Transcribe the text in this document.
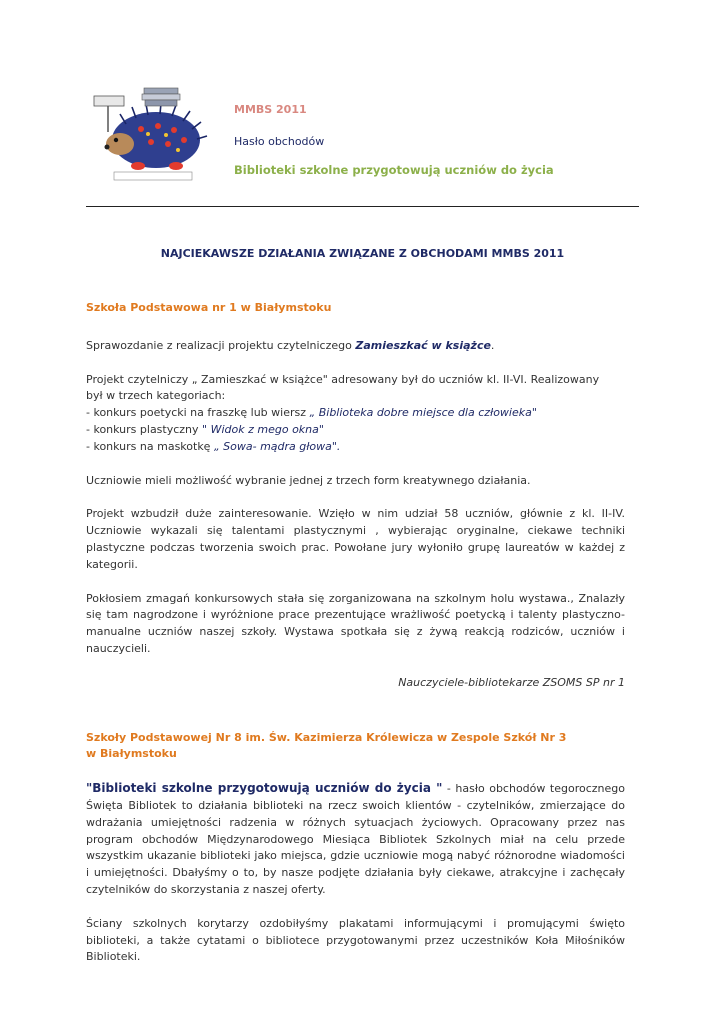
MMBS 2011

Hasło obchodów

Biblioteki szkolne przygotowują uczniów do życia

NAJCIEKAWSZE DZIAŁANIA ZWIĄZANE Z OBCHODAMI MMBS 2011

Szkoła Podstawowa nr 1 w Białymstoku

Sprawozdanie z realizacji projektu czytelniczego Zamieszkać w książce.

Projekt czytelniczy „ Zamieszkać w książce" adresowany był do uczniów kl. II-VI. Realizowany
był w trzech kategoriach:
- konkurs poetycki na fraszkę lub wiersz „ Biblioteka dobre miejsce dla człowieka"
- konkurs plastyczny " Widok z mego okna"
- konkurs na maskotkę „ Sowa- mądra głowa".

Uczniowie mieli możliwość wybranie jednej z trzech form kreatywnego działania.

Projekt wzbudził duże zainteresowanie. Wzięło w nim udział 58 uczniów, głównie z kl. II-IV. Uczniowie wykazali się talentami plastycznymi , wybierając oryginalne, ciekawe techniki plastyczne podczas tworzenia swoich prac. Powołane jury wyłoniło grupę laureatów w każdej z kategorii.

Pokłosiem zmagań konkursowych stała się zorganizowana na szkolnym holu wystawa., Znalazły się tam nagrodzone i wyróżnione prace prezentujące wrażliwość poetycką i talenty plastyczno-manualne uczniów naszej szkoły. Wystawa spotkała się z żywą reakcją rodziców, uczniów i nauczycieli.

Nauczyciele-bibliotekarze ZSOMS SP nr 1

Szkoły Podstawowej Nr 8 im. Św. Kazimierza Królewicza w Zespole Szkół Nr 3
w Białymstoku

"Biblioteki szkolne przygotowują uczniów do życia " - hasło obchodów tegorocznego Święta Bibliotek to działania biblioteki na rzecz swoich klientów - czytelników, zmierzające do wdrażania umiejętności radzenia w różnych sytuacjach życiowych. Opracowany przez nas program obchodów Międzynarodowego Miesiąca Bibliotek Szkolnych miał na celu przede wszystkim ukazanie biblioteki jako miejsca, gdzie uczniowie mogą nabyć różnorodne wiadomości i umiejętności. Dbałyśmy o to, by nasze podjęte działania były ciekawe, atrakcyjne i zachęcały czytelników do skorzystania z naszej oferty.

Ściany szkolnych korytarzy ozdobiłyśmy plakatami informującymi i promującymi święto biblioteki, a także cytatami o bibliotece przygotowanymi przez uczestników Koła Miłośników Biblioteki.
